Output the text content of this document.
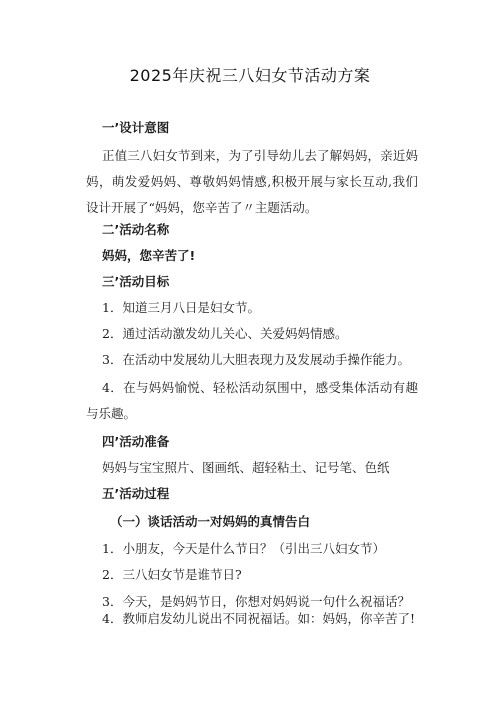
2025年庆祝三八妇女节活动方案
一’设计意图
正值三八妇女节到来，为了引导幼儿去了解妈妈，亲近妈妈，萌发爱妈妈、尊敬妈妈情感,积极开展与家长互动,我们设计开展了“妈妈，您辛苦了〃主题活动。
二’活动名称
妈妈，您辛苦了!
三’活动目标
1．知道三月八日是妇女节。
2．通过活动激发幼儿关心、关爱妈妈情感。
3．在活动中发展幼儿大胆表现力及发展动手操作能力。
4．在与妈妈愉悦、轻松活动氛围中，感受集体活动有趣与乐趣。
四’活动准备
妈妈与宝宝照片、图画纸、超轻粘土、记号笔、色纸
五’活动过程
（一）谈话活动一对妈妈的真情告白
1．小朋友，今天是什么节日？（引出三八妇女节）
2．三八妇女节是谁节日?
3．今天，是妈妈节日，你想对妈妈说一句什么祝福话？
4．教师启发幼儿说出不同祝福话。如：妈妈，你辛苦了!
